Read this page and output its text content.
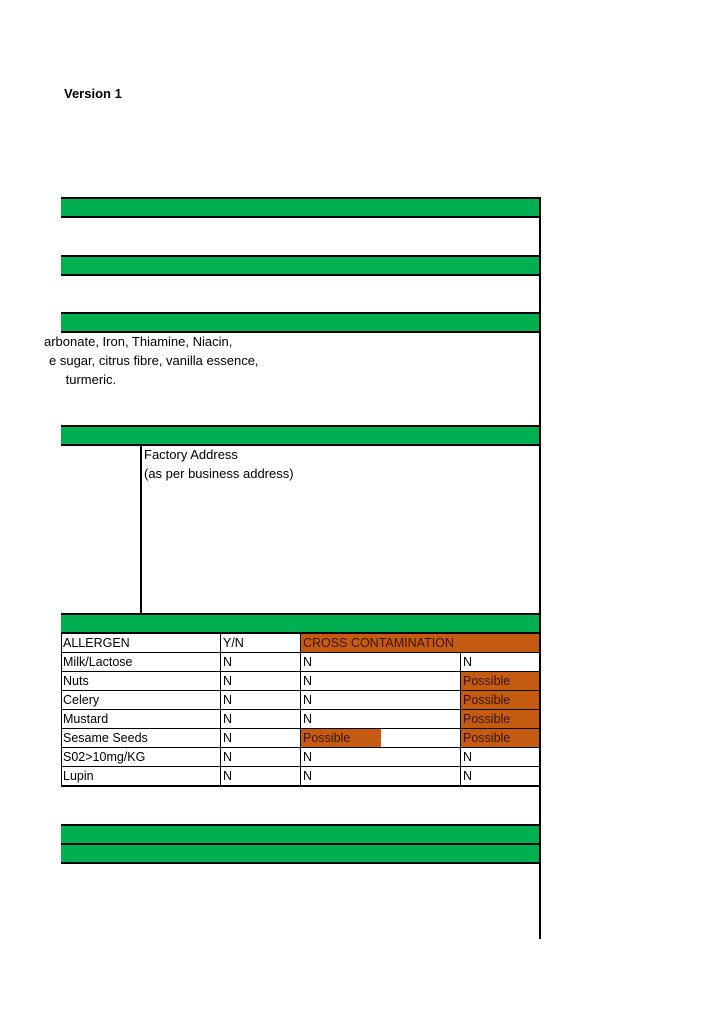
Version 1
arbonate, Iron, Thiamine, Niacin,
e sugar, citrus fibre, vanilla essence,
turmeric.
Factory Address
(as per business address)
ALLERGEN	Y/N	CROSS CONTAMINATION
Milk/Lactose	N	N	N
Nuts	N	N	Possible
Celery	N	N	Possible
Mustard	N	N	Possible
Sesame Seeds	N	Possible	Possible
S02>10mg/KG	N	N	N
Lupin	N	N	N
